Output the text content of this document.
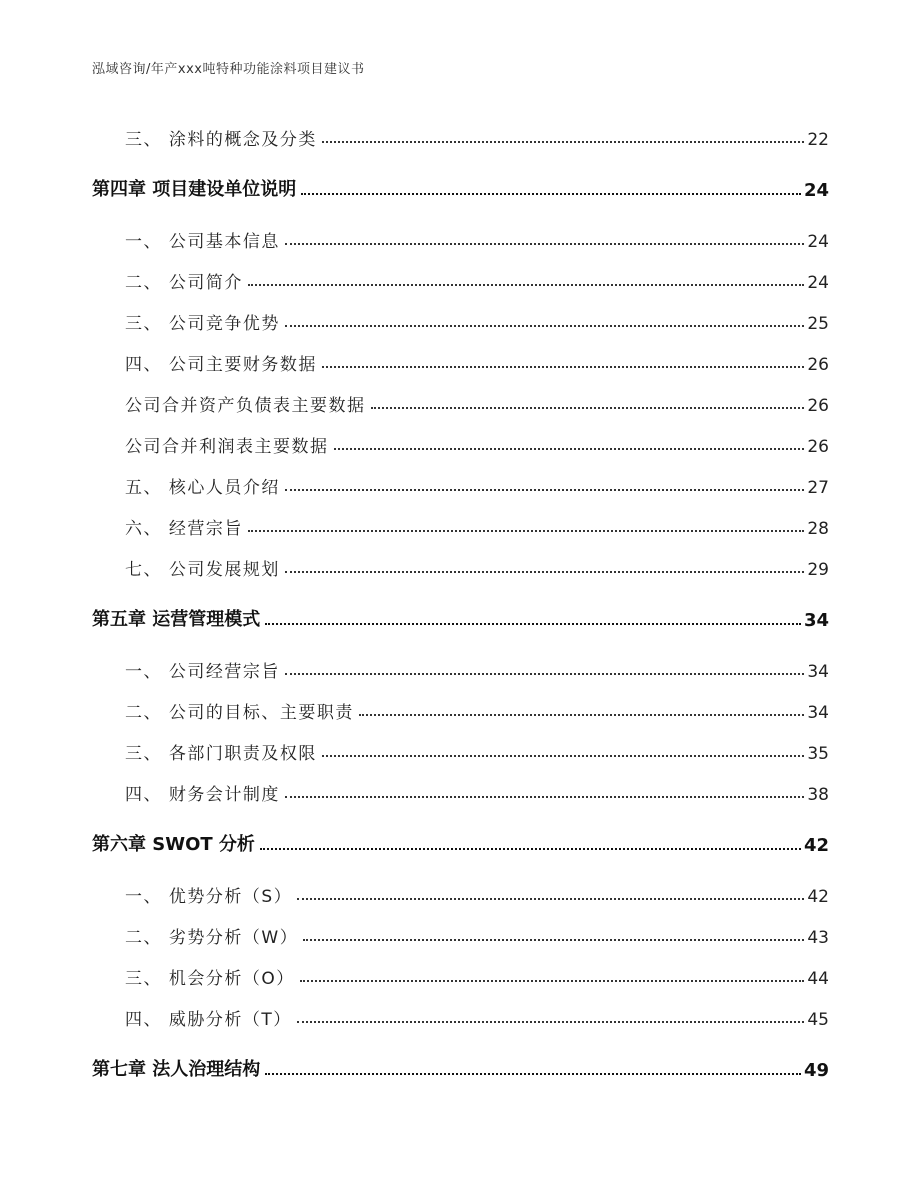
泓域咨询/年产xxx吨特种功能涂料项目建议书
三、 涂料的概念及分类	22
第四章 项目建设单位说明	24
一、 公司基本信息	24
二、 公司简介	24
三、 公司竞争优势	25
四、 公司主要财务数据	26
公司合并资产负债表主要数据	26
公司合并利润表主要数据	26
五、 核心人员介绍	27
六、 经营宗旨	28
七、 公司发展规划	29
第五章 运营管理模式	34
一、 公司经营宗旨	34
二、 公司的目标、主要职责	34
三、 各部门职责及权限	35
四、 财务会计制度	38
第六章 SWOT 分析	42
一、 优势分析（S）	42
二、 劣势分析（W）	43
三、 机会分析（O）	44
四、 威胁分析（T）	45
第七章 法人治理结构	49
